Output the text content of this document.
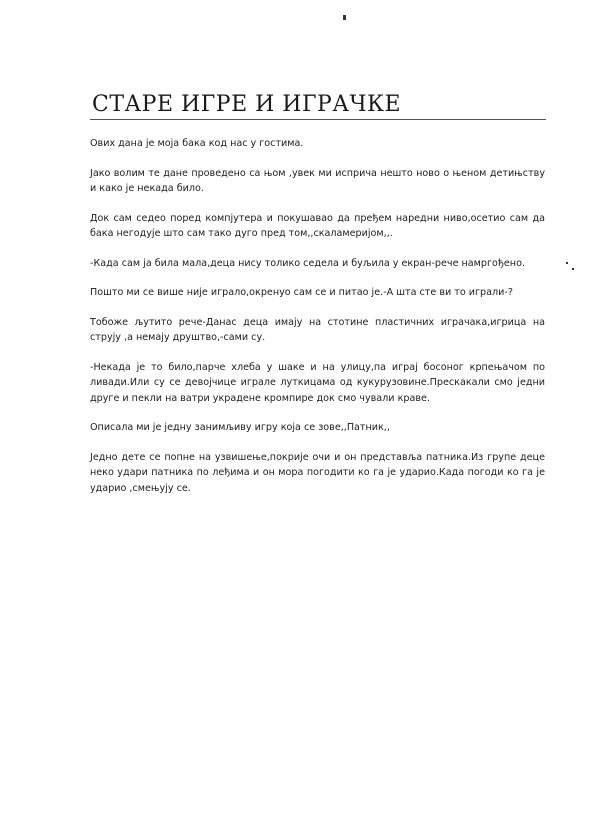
СТАРЕ ИГРЕ И ИГРАЧКЕ

Ових дана је моја бака код нас у гостима.

Јако волим те дане проведено са њом ,увек ми исприча нешто ново о њеном детињству и како је некада било.

Док сам седео поред компјутера и покушавао да пређем наредни ниво,осетио сам да бака негодује што сам тако дуго пред том,,скаламеријом,,.

-Када сам ја била мала,деца нису толико седела и буљила у екран-рече намргођено.

Пошто ми се више није играло,окренуо сам се и питао је.-А шта сте ви то играли-?

Тобоже љутито рече-Данас деца имају на стотине пластичних играчака,игрица на струју ,а немају друштво,-сами су.

-Некада је то било,парче хлеба у шаке и на улицу,па играј босоног крпењачом по ливади.Или су се девојчице играле луткицама од кукурузовине.Прескакали смо једни друге и пекли на ватри украдене кромпире док смо чували краве.

Описала ми је једну занимљиву игру која се зове,,Патник,,

Једно дете се попне на узвишење,покрије очи и он представља патника.Из групе деце неко удари патника по леђима и он мора погодити ко га је ударио.Када погоди ко га је ударио ,смењују се.
